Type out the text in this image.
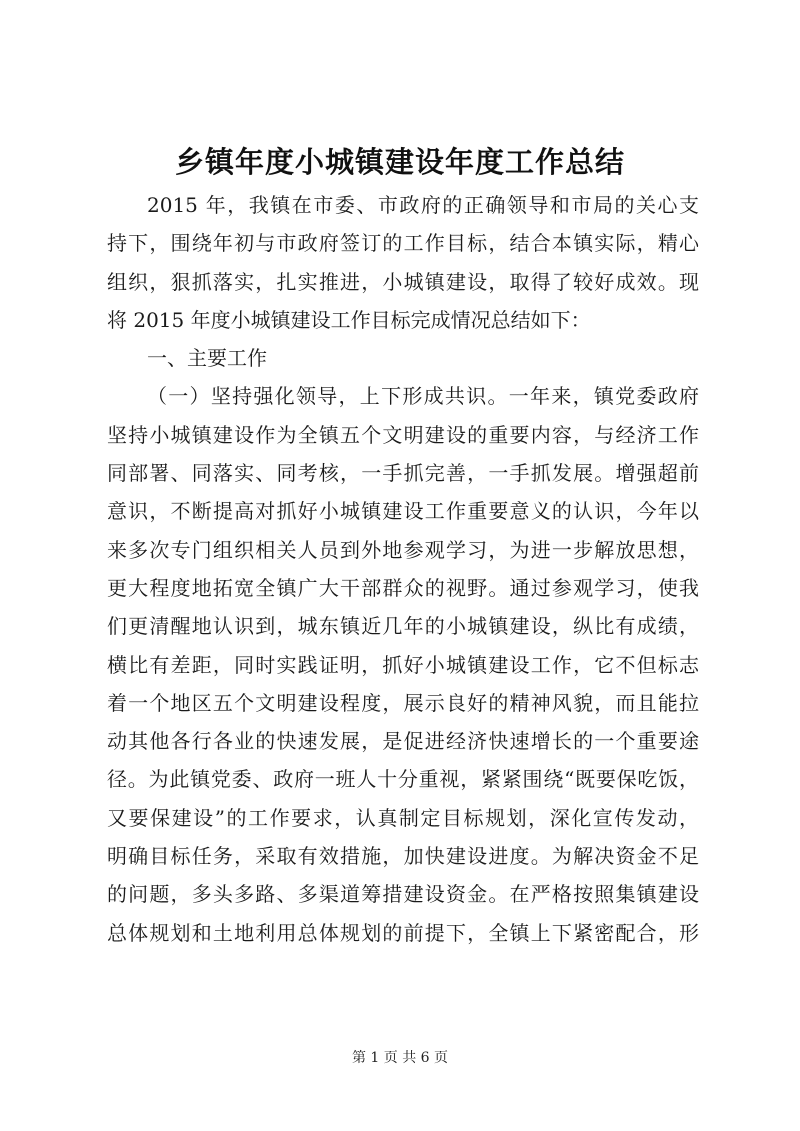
乡镇年度小城镇建设年度工作总结
2015 年，我镇在市委、市政府的正确领导和市局的关心支
持下，围绕年初与市政府签订的工作目标，结合本镇实际，精心
组织，狠抓落实，扎实推进，小城镇建设，取得了较好成效。现
将 2015 年度小城镇建设工作目标完成情况总结如下：
一、主要工作
（一）坚持强化领导，上下形成共识。一年来，镇党委政府
坚持小城镇建设作为全镇五个文明建设的重要内容，与经济工作
同部署、同落实、同考核，一手抓完善，一手抓发展。增强超前
意识，不断提高对抓好小城镇建设工作重要意义的认识，今年以
来多次专门组织相关人员到外地参观学习，为进一步解放思想，
更大程度地拓宽全镇广大干部群众的视野。通过参观学习，使我
们更清醒地认识到，城东镇近几年的小城镇建设，纵比有成绩，
横比有差距，同时实践证明，抓好小城镇建设工作，它不但标志
着一个地区五个文明建设程度，展示良好的精神风貌，而且能拉
动其他各行各业的快速发展，是促进经济快速增长的一个重要途
径。为此镇党委、政府一班人十分重视，紧紧围绕“既要保吃饭，
又要保建设”的工作要求，认真制定目标规划，深化宣传发动，
明确目标任务，采取有效措施，加快建设进度。为解决资金不足
的问题，多头多路、多渠道筹措建设资金。在严格按照集镇建设
总体规划和土地利用总体规划的前提下，全镇上下紧密配合，形
第 1 页 共 6 页
